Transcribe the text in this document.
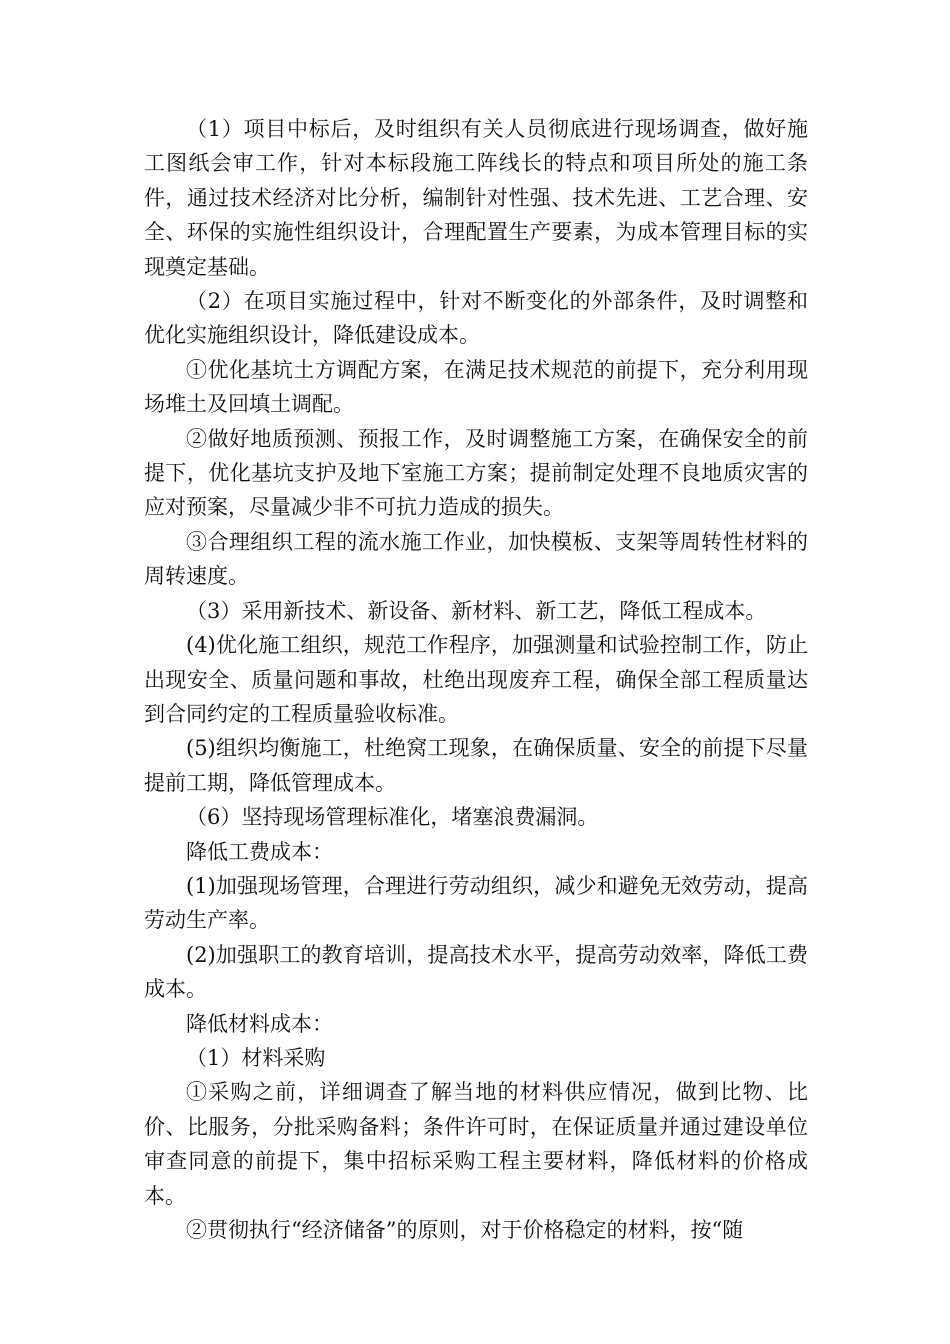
（1）项目中标后，及时组织有关人员彻底进行现场调查，做好施工图纸会审工作，针对本标段施工阵线长的特点和项目所处的施工条件，通过技术经济对比分析，编制针对性强、技术先进、工艺合理、安全、环保的实施性组织设计，合理配置生产要素，为成本管理目标的实现奠定基础。

（2）在项目实施过程中，针对不断变化的外部条件，及时调整和优化实施组织设计，降低建设成本。

①优化基坑土方调配方案，在满足技术规范的前提下，充分利用现场堆土及回填土调配。

②做好地质预测、预报工作，及时调整施工方案，在确保安全的前提下，优化基坑支护及地下室施工方案；提前制定处理不良地质灾害的应对预案，尽量减少非不可抗力造成的损失。

③合理组织工程的流水施工作业，加快模板、支架等周转性材料的周转速度。

（3）采用新技术、新设备、新材料、新工艺，降低工程成本。

(4)优化施工组织，规范工作程序，加强测量和试验控制工作，防止出现安全、质量问题和事故，杜绝出现废弃工程，确保全部工程质量达到合同约定的工程质量验收标准。

(5)组织均衡施工，杜绝窝工现象，在确保质量、安全的前提下尽量提前工期，降低管理成本。

（6）坚持现场管理标准化，堵塞浪费漏洞。

降低工费成本：

(1)加强现场管理，合理进行劳动组织，减少和避免无效劳动，提高劳动生产率。

(2)加强职工的教育培训，提高技术水平，提高劳动效率，降低工费成本。

降低材料成本：

（1）材料采购

①采购之前，详细调查了解当地的材料供应情况，做到比物、比价、比服务，分批采购备料；条件许可时，在保证质量并通过建设单位审查同意的前提下，集中招标采购工程主要材料，降低材料的价格成本。

②贯彻执行“经济储备”的原则，对于价格稳定的材料，按“随
